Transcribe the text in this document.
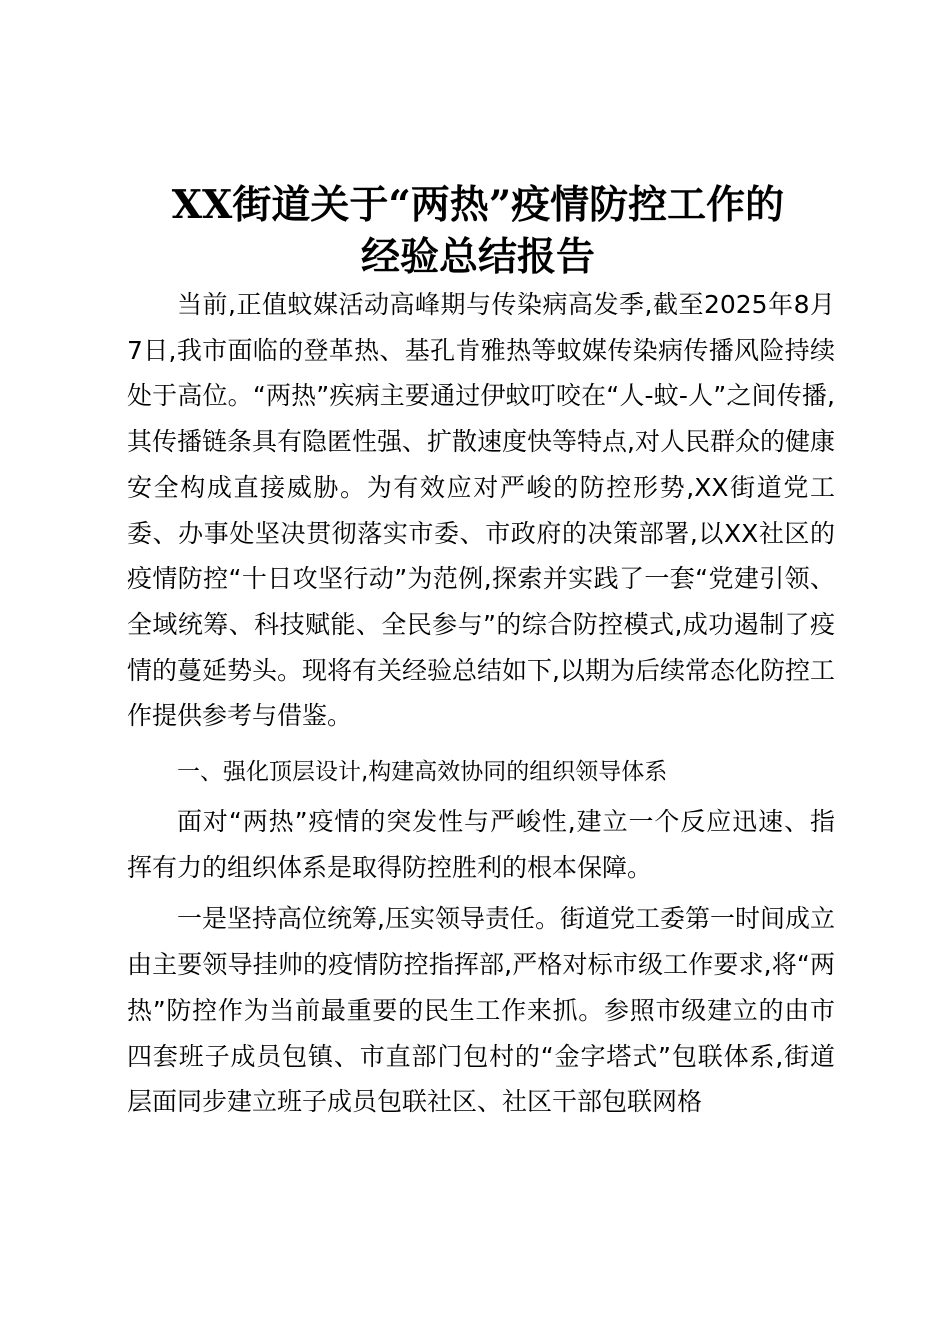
XX街道关于“两热”疫情防控工作的
经验总结报告

当前,正值蚊媒活动高峰期与传染病高发季,截至2025年8月7日,我市面临的登革热、基孔肯雅热等蚊媒传染病传播风险持续处于高位。“两热”疾病主要通过伊蚊叮咬在“人-蚊-人”之间传播,其传播链条具有隐匿性强、扩散速度快等特点,对人民群众的健康安全构成直接威胁。为有效应对严峻的防控形势,XX街道党工委、办事处坚决贯彻落实市委、市政府的决策部署,以XX社区的疫情防控“十日攻坚行动”为范例,探索并实践了一套“党建引领、全域统筹、科技赋能、全民参与”的综合防控模式,成功遏制了疫情的蔓延势头。现将有关经验总结如下,以期为后续常态化防控工作提供参考与借鉴。

一、强化顶层设计,构建高效协同的组织领导体系

面对“两热”疫情的突发性与严峻性,建立一个反应迅速、指挥有力的组织体系是取得防控胜利的根本保障。

一是坚持高位统筹,压实领导责任。街道党工委第一时间成立由主要领导挂帅的疫情防控指挥部,严格对标市级工作要求,将“两热”防控作为当前最重要的民生工作来抓。参照市级建立的由市四套班子成员包镇、市直部门包村的“金字塔式”包联体系,街道层面同步建立班子成员包联社区、社区干部包联网格
